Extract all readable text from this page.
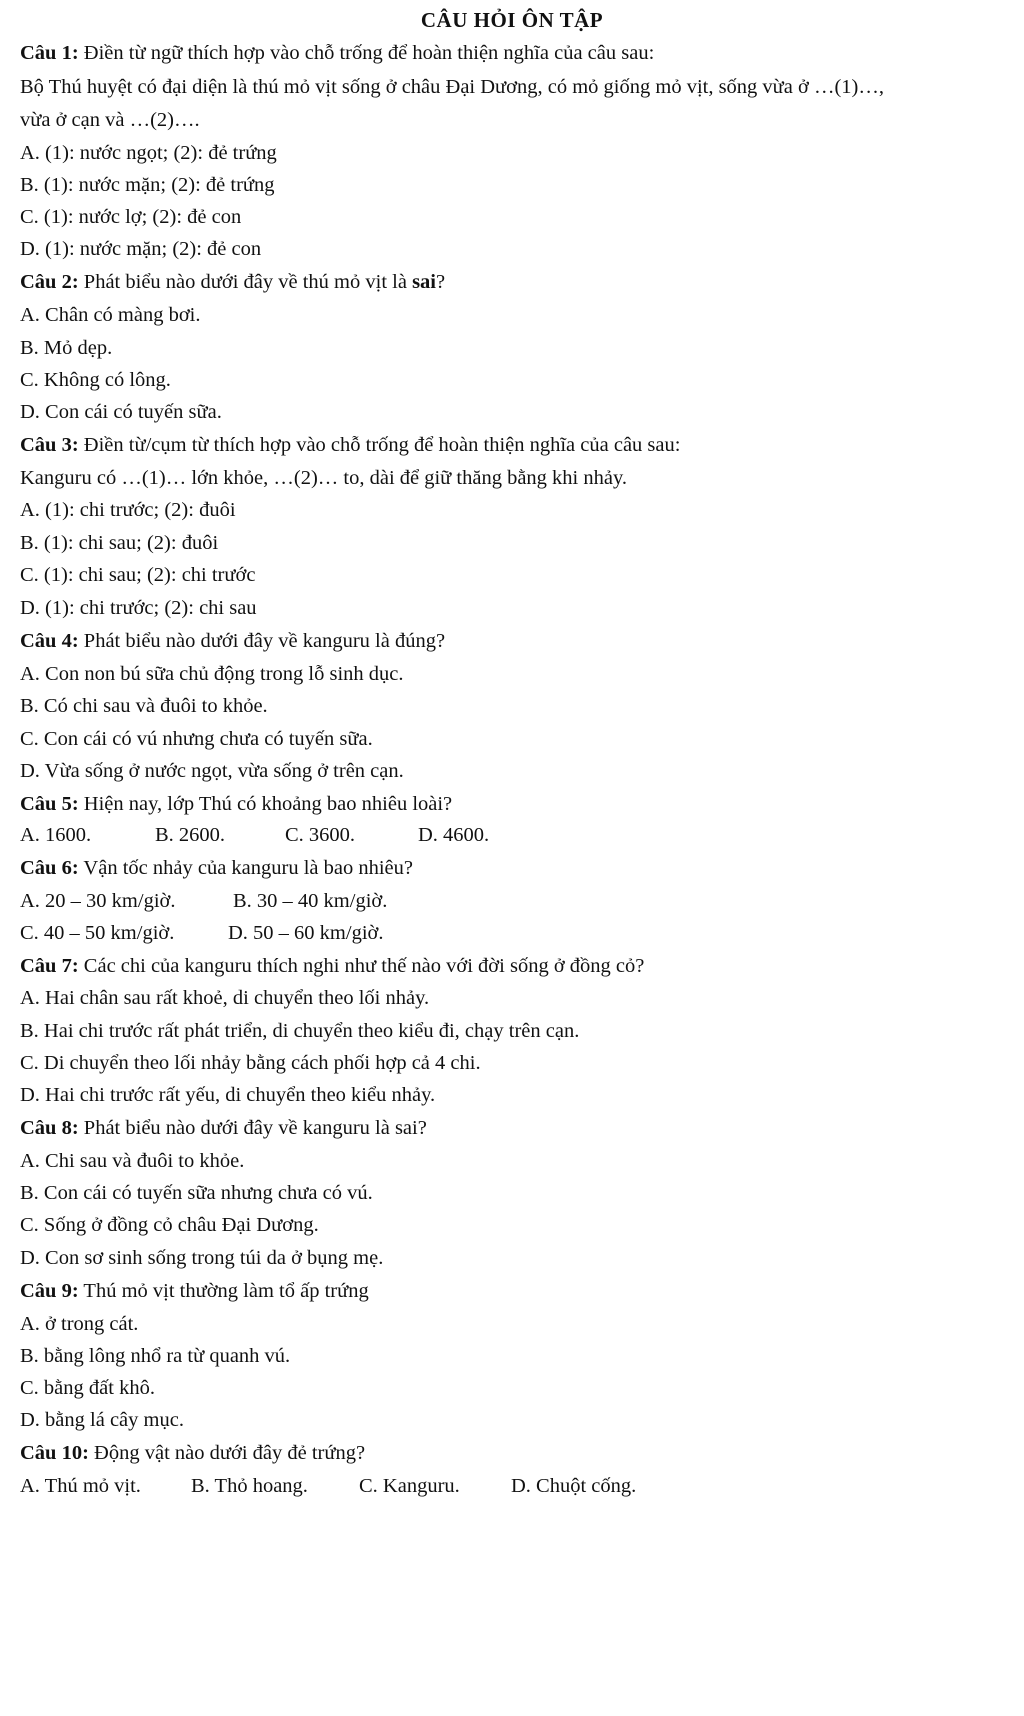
CÂU HỎI ÔN TẬP
Câu 1: Điền từ ngữ thích hợp vào chỗ trống để hoàn thiện nghĩa của câu sau:
Bộ Thú huyệt có đại diện là thú mỏ vịt sống ở châu Đại Dương, có mỏ giống mỏ vịt, sống vừa ở …(1)…,
vừa ở cạn và …(2)….
A. (1): nước ngọt; (2): đẻ trứng
B. (1): nước mặn; (2): đẻ trứng
C. (1): nước lợ; (2): đẻ con
D. (1): nước mặn; (2): đẻ con
Câu 2: Phát biểu nào dưới đây về thú mỏ vịt là sai?
A. Chân có màng bơi.
B. Mỏ dẹp.
C. Không có lông.
D. Con cái có tuyến sữa.
Câu 3: Điền từ/cụm từ thích hợp vào chỗ trống để hoàn thiện nghĩa của câu sau:
Kanguru có …(1)… lớn khỏe, …(2)… to, dài để giữ thăng bằng khi nhảy.
A. (1): chi trước; (2): đuôi
B. (1): chi sau; (2): đuôi
C. (1): chi sau; (2): chi trước
D. (1): chi trước; (2): chi sau
Câu 4: Phát biểu nào dưới đây về kanguru là đúng?
A. Con non bú sữa chủ động trong lỗ sinh dục.
B. Có chi sau và đuôi to khỏe.
C. Con cái có vú nhưng chưa có tuyến sữa.
D. Vừa sống ở nước ngọt, vừa sống ở trên cạn.
Câu 5: Hiện nay, lớp Thú có khoảng bao nhiêu loài?
A. 1600.	B. 2600.	C. 3600.	D. 4600.
Câu 6: Vận tốc nhảy của kanguru là bao nhiêu?
A. 20 – 30 km/giờ.	B. 30 – 40 km/giờ.
C. 40 – 50 km/giờ.	D. 50 – 60 km/giờ.
Câu 7: Các chi của kanguru thích nghi như thế nào với đời sống ở đồng cỏ?
A. Hai chân sau rất khoẻ, di chuyển theo lối nhảy.
B. Hai chi trước rất phát triển, di chuyển theo kiểu đi, chạy trên cạn.
C. Di chuyển theo lối nhảy bằng cách phối hợp cả 4 chi.
D. Hai chi trước rất yếu, di chuyển theo kiểu nhảy.
Câu 8: Phát biểu nào dưới đây về kanguru là sai?
A. Chi sau và đuôi to khỏe.
B. Con cái có tuyến sữa nhưng chưa có vú.
C. Sống ở đồng cỏ châu Đại Dương.
D. Con sơ sinh sống trong túi da ở bụng mẹ.
Câu 9: Thú mỏ vịt thường làm tổ ấp trứng
A. ở trong cát.
B. bằng lông nhổ ra từ quanh vú.
C. bằng đất khô.
D. bằng lá cây mục.
Câu 10: Động vật nào dưới đây đẻ trứng?
A. Thú mỏ vịt. B. Thỏ hoang. C. Kanguru. D. Chuột cống.
